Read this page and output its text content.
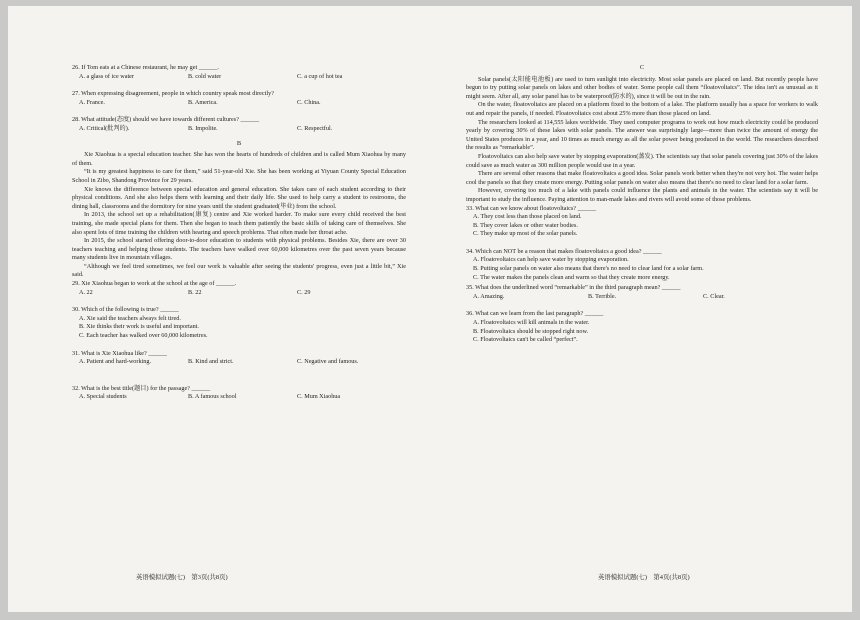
26. If Tom eats at a Chinese restaurant, he may get ______.

A. a glass of ice water	B. cold water	C. a cup of hot tea

27. When expressing disagreement, people in which country speak most directly?

A. France.	B. America.	C. China.

28. What attitude(态度) should we have towards different cultures? ______

A. Critical(批判的).	B. Impolite.	C. Respectful.
B

Xie Xiaohua is a special education teacher. She has won the hearts of hundreds of children and is called Mum Xiaohua by many of them.

“It is my greatest happiness to care for them,” said 51-year-old Xie. She has been working at Yiyuan County Special Education School in Zibo, Shandong Province for 29 years.

Xie knows the difference between special education and general education. She takes care of each student according to their physical conditions. And she also helps them with learning and their daily life. She used to help carry a student to restrooms, the dining hall, classrooms and the dormitory for nine years until the student graduated(毕业) from the school.

In 2013, the school set up a rehabilitation(康复) centre and Xie worked harder. To make sure every child received the best training, she made special plans for them. Then she began to teach them patiently the basic skills of taking care of themselves. She also spent lots of time training the children with hearing and speech problems. That often made her throat ache.

In 2015, the school started offering door-to-door education to students with physical problems. Besides Xie, there are over 30 teachers teaching and helping those students. The teachers have walked over 60,000 kilometres over the past seven years because many students live in mountain villages.

“Although we feel tired sometimes, we feel our work is valuable after seeing the students' progress, even just a little bit,” Xie said.

29. Xie Xiaohua began to work at the school at the age of ______.

A. 22	B. 22	C. 29

30. Which of the following is true? ______

A. Xie said the teachers always felt tired.

B. Xie thinks their work is useful and important.

C. Each teacher has walked over 60,000 kilometres.

31. What is Xie Xiaohua like? ______

A. Patient and hard-working.	B. Kind and strict.	C. Negative and famous.

32. What is the best title(题目) for the passage? ______

A. Special students	B. A famous school	C. Mum Xiaohua
英语模拟试题(七)　第3页(共8页)
C

Solar panels(太阳能电池板) are used to turn sunlight into electricity. Most solar panels are placed on land. But recently people have begun to try putting solar panels on lakes and other bodies of water. Some people call them “floatovoltaics”. The idea isn't as unusual as it might seem. After all, any solar panel has to be waterproof(防水的), since it will be out in the rain.

On the water, floatovoltaics are placed on a platform fixed to the bottom of a lake. The platform usually has a space for workers to walk out and repair the panels, if needed. Floatovoltaics cost about 25% more than those placed on land.

The researchers looked at 114,555 lakes worldwide. They used computer programs to work out how much electricity could be produced yearly by covering 30% of these lakes with solar panels. The answer was surprisingly large—more than twice the amount of energy the United States produces in a year, and 10 times as much energy as all the solar power being produced in the world. The researchers described the results as “remarkable”.

Floatovoltaics can also help save water by stopping evaporation(蒸发). The scientists say that solar panels covering just 30% of the lakes could save as much water as 300 million people would use in a year.

There are several other reasons that make floatovoltaics a good idea. Solar panels work better when they're not very hot. The water helps cool the panels so that they create more energy. Putting solar panels on water also means that there's no need to clear land for a solar farm.

However, covering too much of a lake with panels could influence the plants and animals in the water. The scientists say it will be important to study the influence. Paying attention to man-made lakes and rivers will avoid some of those problems.

33. What can we know about floatovoltaics? ______

A. They cost less than those placed on land.

B. They cover lakes or other water bodies.

C. They make up most of the solar panels.

34. Which can NOT be a reason that makes floatovoltaics a good idea? ______

A. Floatovoltaics can help save water by stopping evaporation.

B. Putting solar panels on water also means that there's no need to clear land for a solar farm.

C. The water makes the panels clean and warm so that they create more energy.

35. What does the underlined word “remarkable” in the third paragraph mean? ______

A. Amazing.	B. Terrible.	C. Clear.

36. What can we learn from the last paragraph? ______

A. Floatovoltaics will kill animals in the water.

B. Floatovoltaics should be stopped right now.

C. Floatovoltaics can't be called “perfect”.

英语模拟试题(七)　第4页(共8页)
